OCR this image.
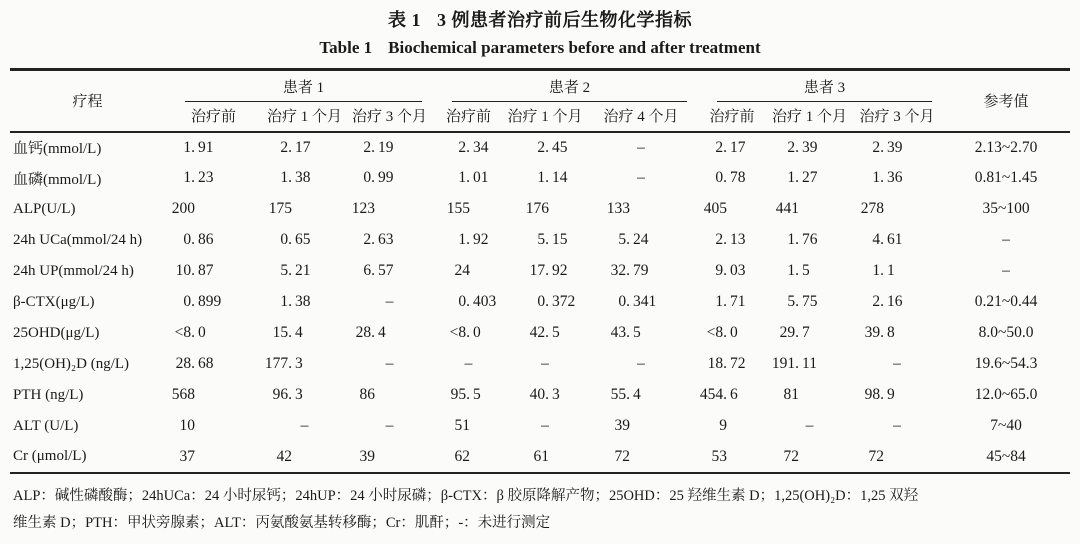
表 1 3 例患者治疗前后生物化学指标
Table 1 Biochemical parameters before and after treatment
疗程	患者 1			患者 2			患者 3			参考值
	治疗前	治疗 1 个月	治疗 3 个月	治疗前	治疗 1 个月	治疗 4 个月	治疗前	治疗 1 个月	治疗 3 个月	
血钙(mmol/L)	1. 91	2. 17	2. 19	2. 34	2. 45	–	2. 17	2. 39	2. 39	2.13~2.70
血磷(mmol/L)	1. 23	1. 38	0. 99	1. 01	1. 14	–	0. 78	1. 27	1. 36	0.81~1.45
ALP(U/L)	200	175	123	155	176	133	405	441	278	35~100
24h UCa(mmol/24 h)	0. 86	0. 65	2. 63	1. 92	5. 15	5. 24	2. 13	1. 76	4. 61	–
24h UP(mmol/24 h)	10. 87	5. 21	6. 57	24	17. 92	32. 79	9. 03	1. 5	1. 1	–
β-CTX(μg/L)	0. 899	1. 38	–	0. 403	0. 372	0. 341	1. 71	5. 75	2. 16	0.21~0.44
25OHD(μg/L)	<8. 0	15. 4	28. 4	<8. 0	42. 5	43. 5	<8. 0	29. 7	39. 8	8.0~50.0
1,25(OH)₂D (ng/L)	28. 68	177. 3	–	–	–	–	18. 72	191. 11	–	19.6~54.3
PTH (ng/L)	568	96. 3	86	95. 5	40. 3	55. 4	454. 6	81	98. 9	12.0~65.0
ALT (U/L)	10	–	–	51	–	39	9	–	–	7~40
Cr (μmol/L)	37	42	39	62	61	72	53	72	72	45~84
ALP：碱性磷酸酶；24hUCa：24 小时尿钙；24hUP：24 小时尿磷；β-CTX：β 胶原降解产物；25OHD：25 羟维生素 D；1,25(OH)₂D：1,25 双羟
维生素 D；PTH：甲状旁腺素；ALT：丙氨酸氨基转移酶；Cr：肌酐；-：未进行测定
